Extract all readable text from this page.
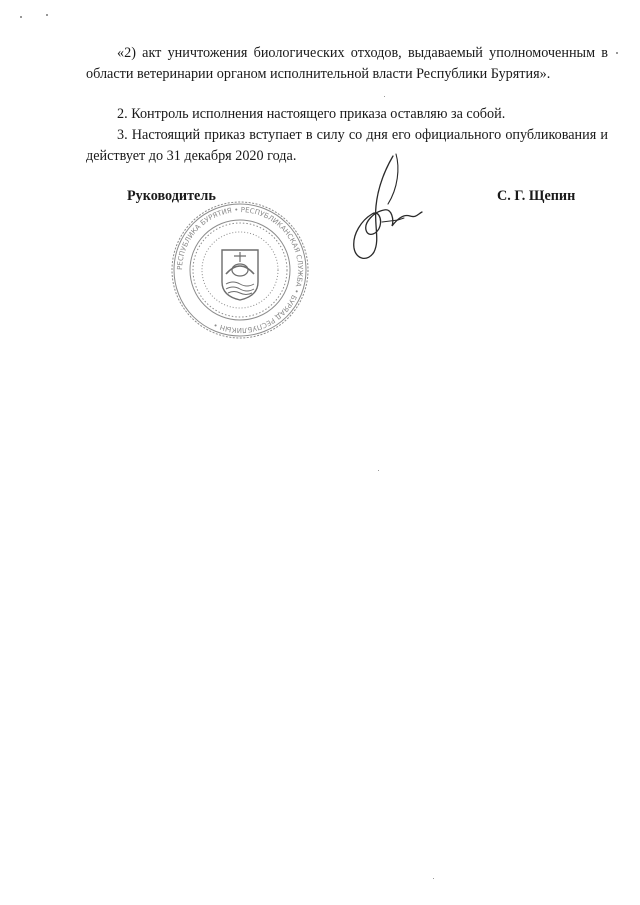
«2) акт уничтожения биологических отходов, выдаваемый уполномоченным в области ветеринарии органом исполнительной власти Республики Бурятия».
2. Контроль исполнения настоящего приказа оставляю за собой.
3. Настоящий приказ вступает в силу со дня его официального опубликования и действует до 31 декабря 2020 года.
Руководитель	С. Г. Щепин
РЕСПУБЛИКА БУРЯТИЯ • РЕСПУБЛИКАНСКАЯ СЛУЖБА • БУРЯАД РЕСПУБЛИКЫН •
